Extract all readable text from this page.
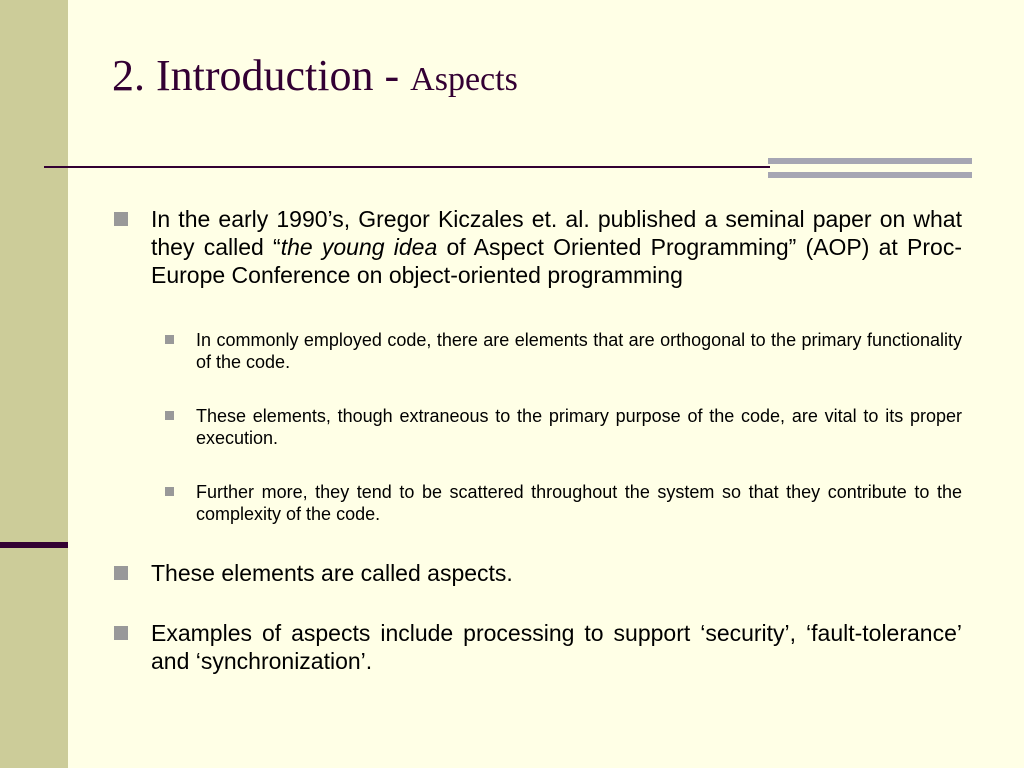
2. Introduction - Aspects
In the early 1990’s, Gregor Kiczales et. al. published a seminal paper on what they called “the young idea of Aspect Oriented Programming” (AOP) at Proc-Europe Conference on object-oriented programming
In commonly employed code, there are elements that are orthogonal to the primary functionality of the code.
These elements, though extraneous to the primary purpose of the code, are vital to its proper execution.
Further more, they tend to be scattered throughout the system so that they contribute to the complexity of the code.
These elements are called aspects.
Examples of aspects include processing to support ‘security’, ‘fault-tolerance’ and ‘synchronization’.
